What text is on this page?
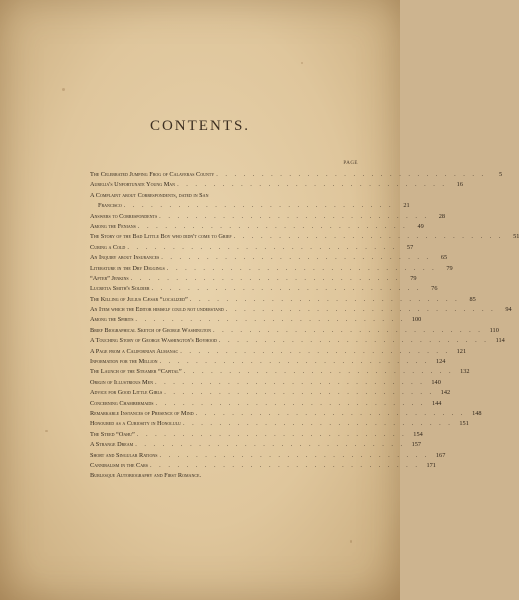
CONTENTS.
PAGE
The Celebrated Jumping Frog of Calaveras County . . . . . . . . . . . . . . . . . . . . . . . . . . . . . .	5
Aurelia's Unfortunate Young Man . . . . . . . . . . . . . . . . . . . . . . . . . . . . . .	16
A Complaint about Correspondents, dated in San
Francisco . . . . . . . . . . . . . . . . . . . . . . . . . . . . . .	21
Answers to Correspondents . . . . . . . . . . . . . . . . . . . . . . . . . . . . . .	28
Among the Fenians . . . . . . . . . . . . . . . . . . . . . . . . . . . . . .	49
The Story of the Bad Little Boy who didn't come to Grief . . . . . . . . . . . . . . . . . . . . . . . . . . . . . .	51
Curing a Cold . . . . . . . . . . . . . . . . . . . . . . . . . . . . . .	57
An Inquiry about Insurances . . . . . . . . . . . . . . . . . . . . . . . . . . . . . .	65
Literature in the Dry Diggings . . . . . . . . . . . . . . . . . . . . . . . . . . . . . .	79
“After” Jenkins . . . . . . . . . . . . . . . . . . . . . . . . . . . . . .	79
Lucretia Smith's Soldier . . . . . . . . . . . . . . . . . . . . . . . . . . . . . .	76
The Killing of Julius Cæsar “localized” . . . . . . . . . . . . . . . . . . . . . . . . . . . . . .	85
An Item which the Editor himself could not understand . . . . . . . . . . . . . . . . . . . . . . . . . . . . . .	94
Among the Spirits . . . . . . . . . . . . . . . . . . . . . . . . . . . . . .	100
Brief Biographical Sketch of George Washington . . . . . . . . . . . . . . . . . . . . . . . . . . . . . .	110
A Touching Story of George Washington's Boyhood . . . . . . . . . . . . . . . . . . . . . . . . . . . . . .	114
A Page from a Californian Almanac . . . . . . . . . . . . . . . . . . . . . . . . . . . . . .	121
Information for the Million . . . . . . . . . . . . . . . . . . . . . . . . . . . . . .	124
The Launch of the Steamer “Capital” . . . . . . . . . . . . . . . . . . . . . . . . . . . . . .	132
Origin of Illustrious Men . . . . . . . . . . . . . . . . . . . . . . . . . . . . . .	140
Advice for Good Little Girls . . . . . . . . . . . . . . . . . . . . . . . . . . . . . .	142
Concerning Chambermaids . . . . . . . . . . . . . . . . . . . . . . . . . . . . . .	144
Remarkable Instances of Presence of Mind . . . . . . . . . . . . . . . . . . . . . . . . . . . . . .	148
Honoured as a Curiosity in Honolulu . . . . . . . . . . . . . . . . . . . . . . . . . . . . . .	151
The Steed “Oahu” . . . . . . . . . . . . . . . . . . . . . . . . . . . . . .	154
A Strange Dream . . . . . . . . . . . . . . . . . . . . . . . . . . . . . .	157
Short and Singular Rations . . . . . . . . . . . . . . . . . . . . . . . . . . . . . .	167
Cannibalism in the Cars . . . . . . . . . . . . . . . . . . . . . . . . . . . . . .	171
Burlesque Autobiography and First Romance.
